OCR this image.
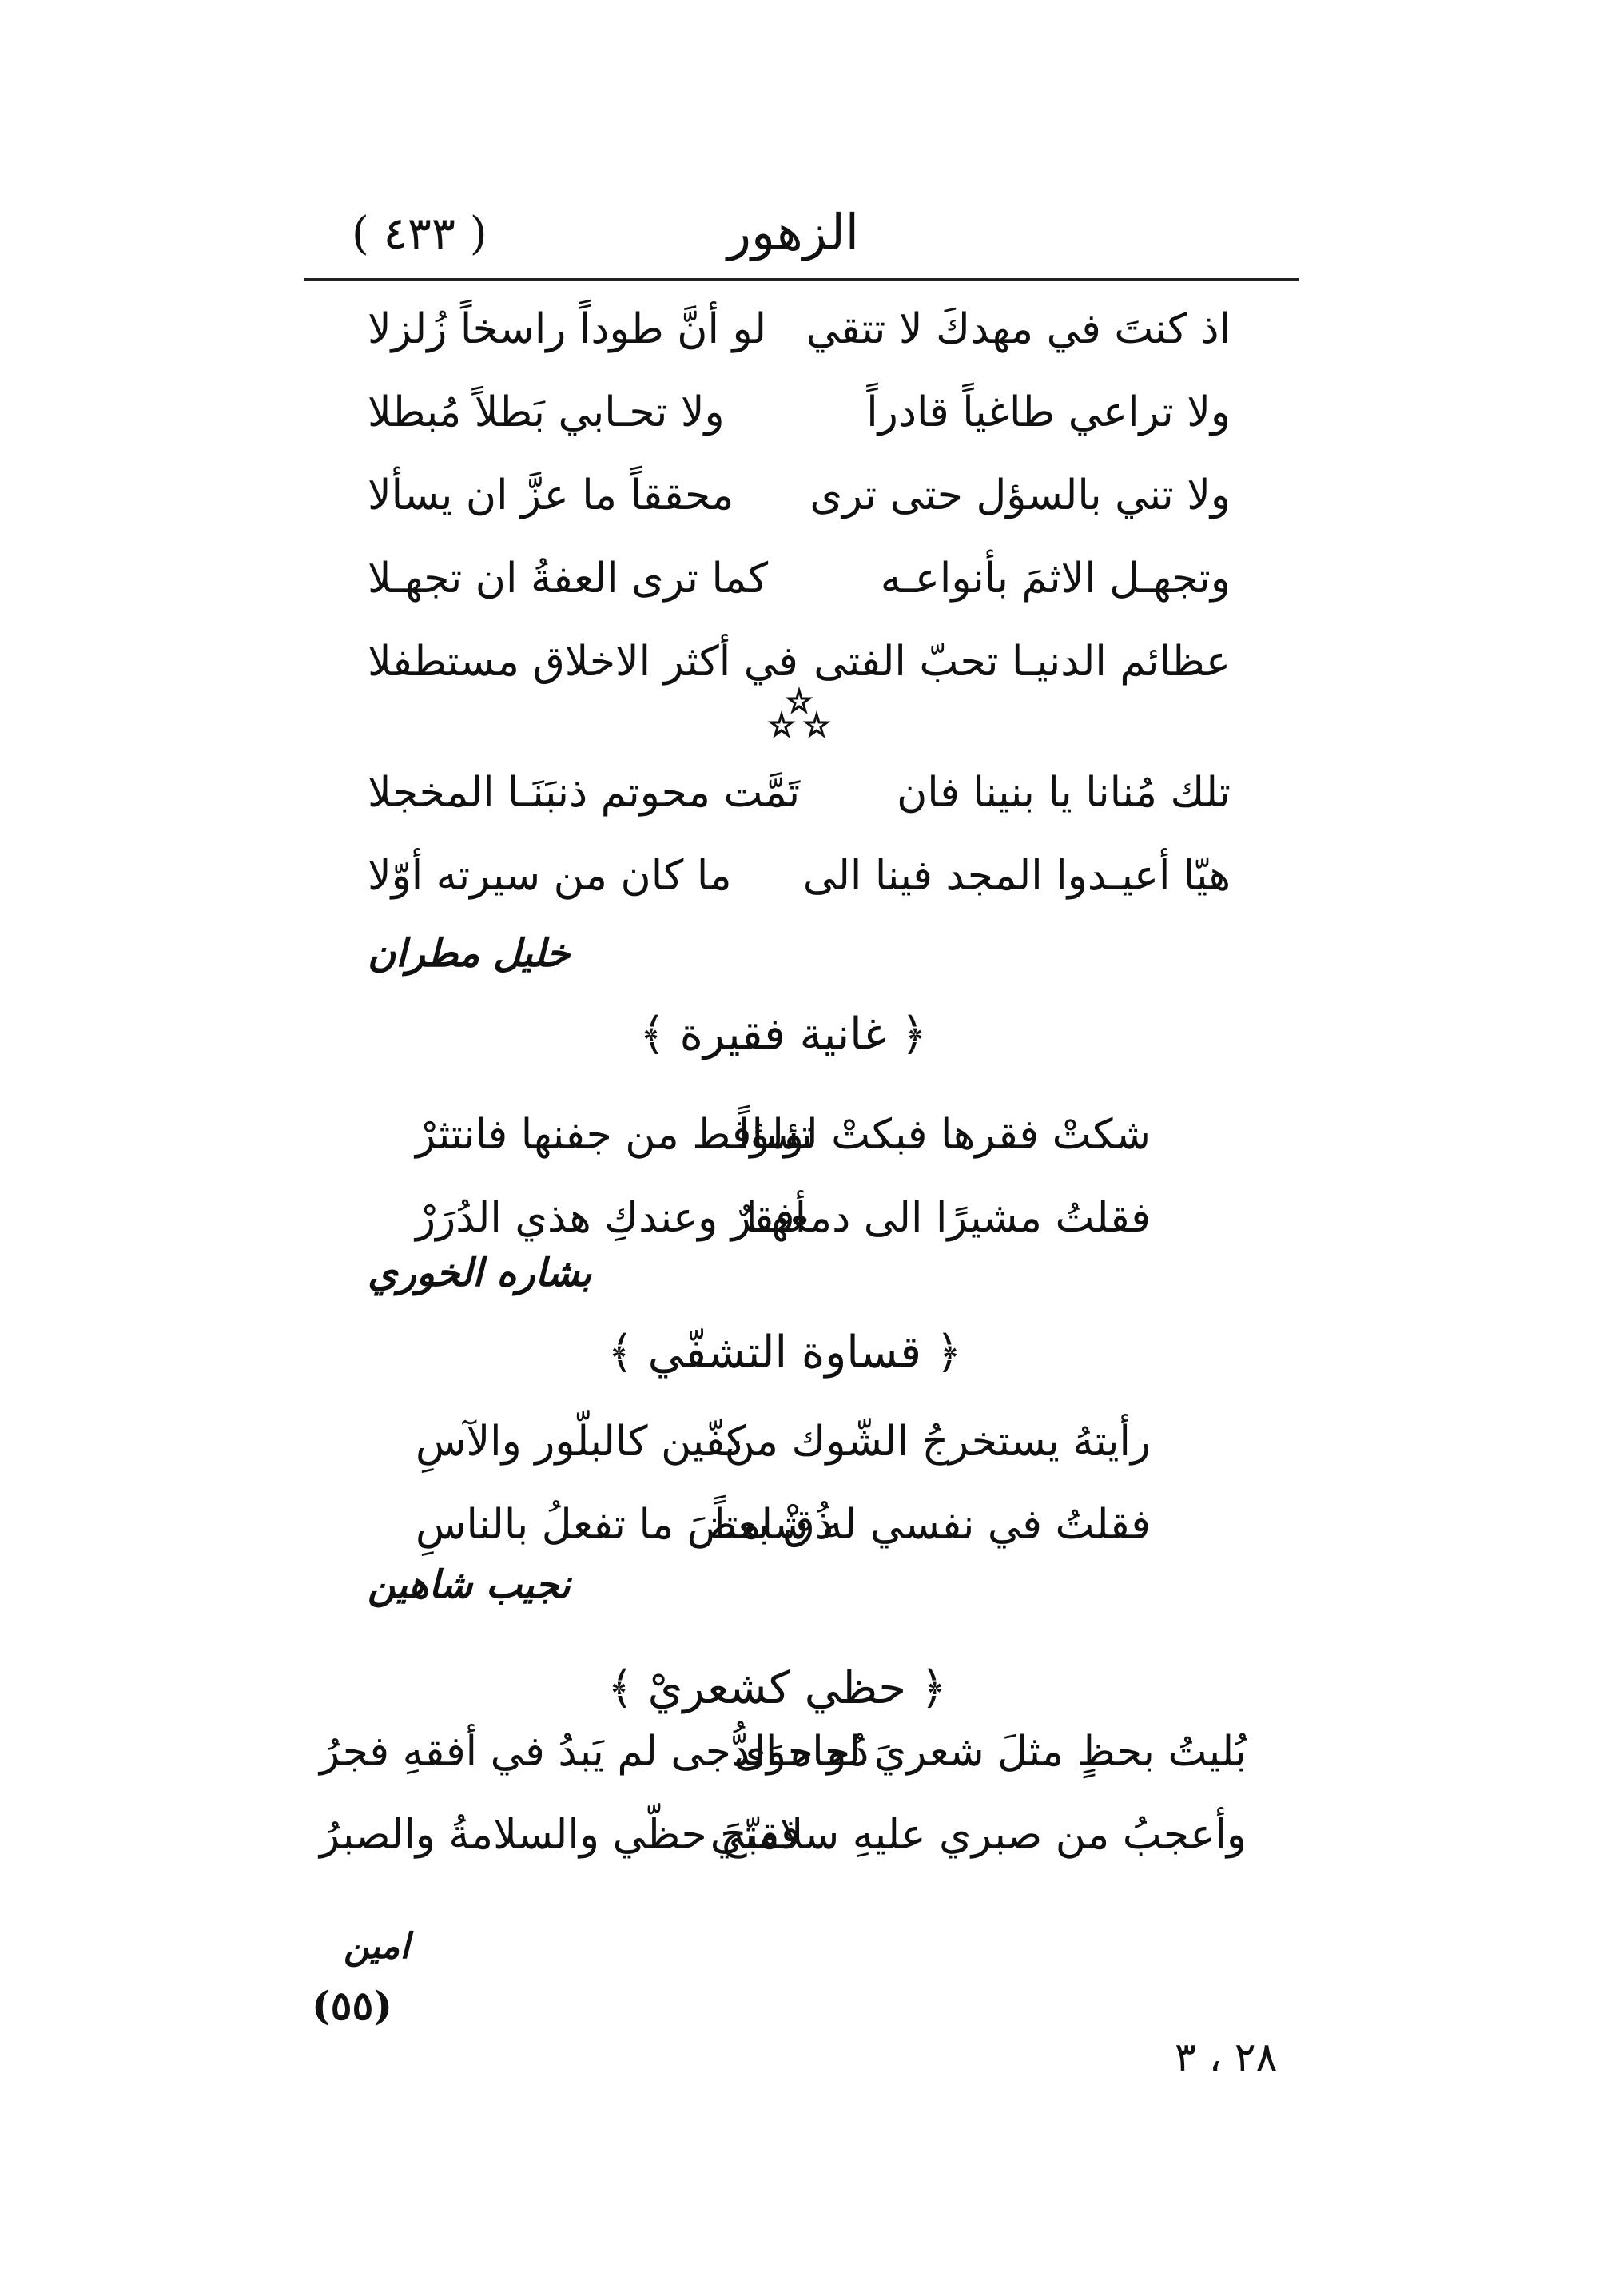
( ٤٣٣ )	الزهور
اذ كنتَ في مهدكَ لا تتقي
لو أنَّ طوداً راسخاً زُلزلا
ولا تراعي طاغياً قادراً
ولا تحـابي بَطلاً مُبطلا
ولا تني بالسؤل حتى ترى
محققاً ما عزَّ ان يسألا
وتجهـل الاثمَ بأنواعـه
كما ترى العفةُ ان تجهـلا
عظائم الدنيـا تحبّ الفتى
في أكثر الاخلاق مستطفلا
تلك مُنانا يا بنينا فان
تَمَّت محوتم ذنبَنَـا المخجلا
هيّا أعيـدوا المجد فينا الى
ما كان من سيرته أوّلا
خليل مطران
﴿ غانية فقيرة ﴾
شكتْ فقرها فبكتْ لؤلؤاً
تساقط من جفنها فانتثرْ
فقلتُ مشيرًا الى دمعهـا
أفقرٌ وعندكِ هذي الدُرَرْ
بشاره الخوري
﴿ قساوة التشفّي ﴾
رأيتهُ يستخرجُ الشّوك من
كفّين كالبلّور والآسِ
فقلتُ في نفسي له شامتاً
ذُقْ بعضَ ما تفعلُ بالناسِ
نجيب شاهين
﴿ حظي كشعريْ ﴾
بُليتُ بحظٍ مثلَ شعريَ لو حوَى
دُجاه الدُّجى لم يَبدُ في أفقهِ فجرُ
وأعجبُ من صبري عليهِ سلامتي
فقبّحَ حظّي والسلامةُ والصبرُ
امين
(٥٥)
٢٨ ، ٣
